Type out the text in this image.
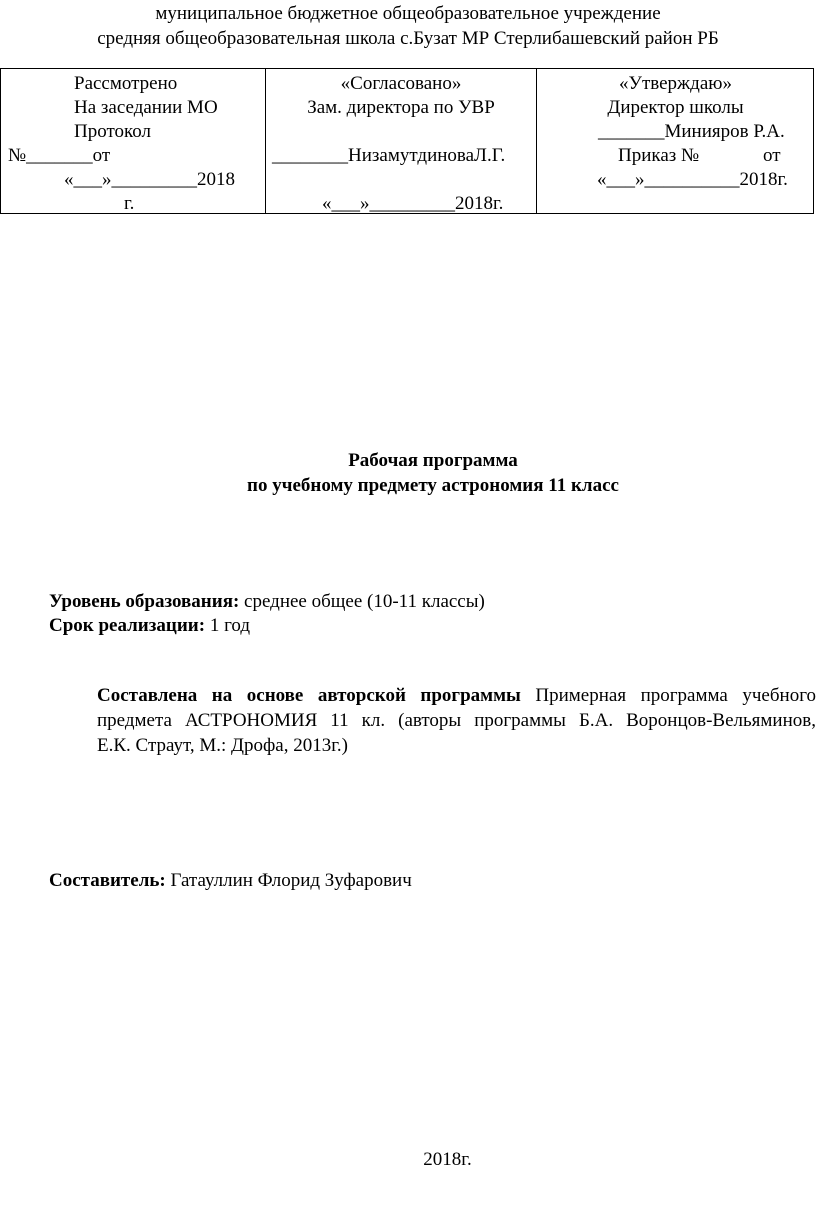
муниципальное бюджетное общеобразовательное учреждение
средняя общеобразовательная школа с.Бузат МР Стерлибашевский район РБ
Рассмотрено
На заседании МО
Протокол
№_______от
«___»_________2018
г.
«Согласовано»
Зам. директора по УВР
________НизамутдиноваЛ.Г.
«___»_________2018г.
«Утверждаю»
Директор школы
_______Минияров Р.А.
Приказ №	от
«___»__________2018г.
Рабочая программа
по учебному предмету астрономия 11 класс
Уровень образования: среднее общее (10-11 классы)
Срок реализации: 1 год
Составлена на основе авторской программы Примерная программа учебного
предмета АСТРОНОМИЯ 11 кл. (авторы программы Б.А. Воронцов-Вельяминов,
Е.К. Страут, М.: Дрофа, 2013г.)
Составитель: Гатауллин Флорид Зуфарович
2018г.
